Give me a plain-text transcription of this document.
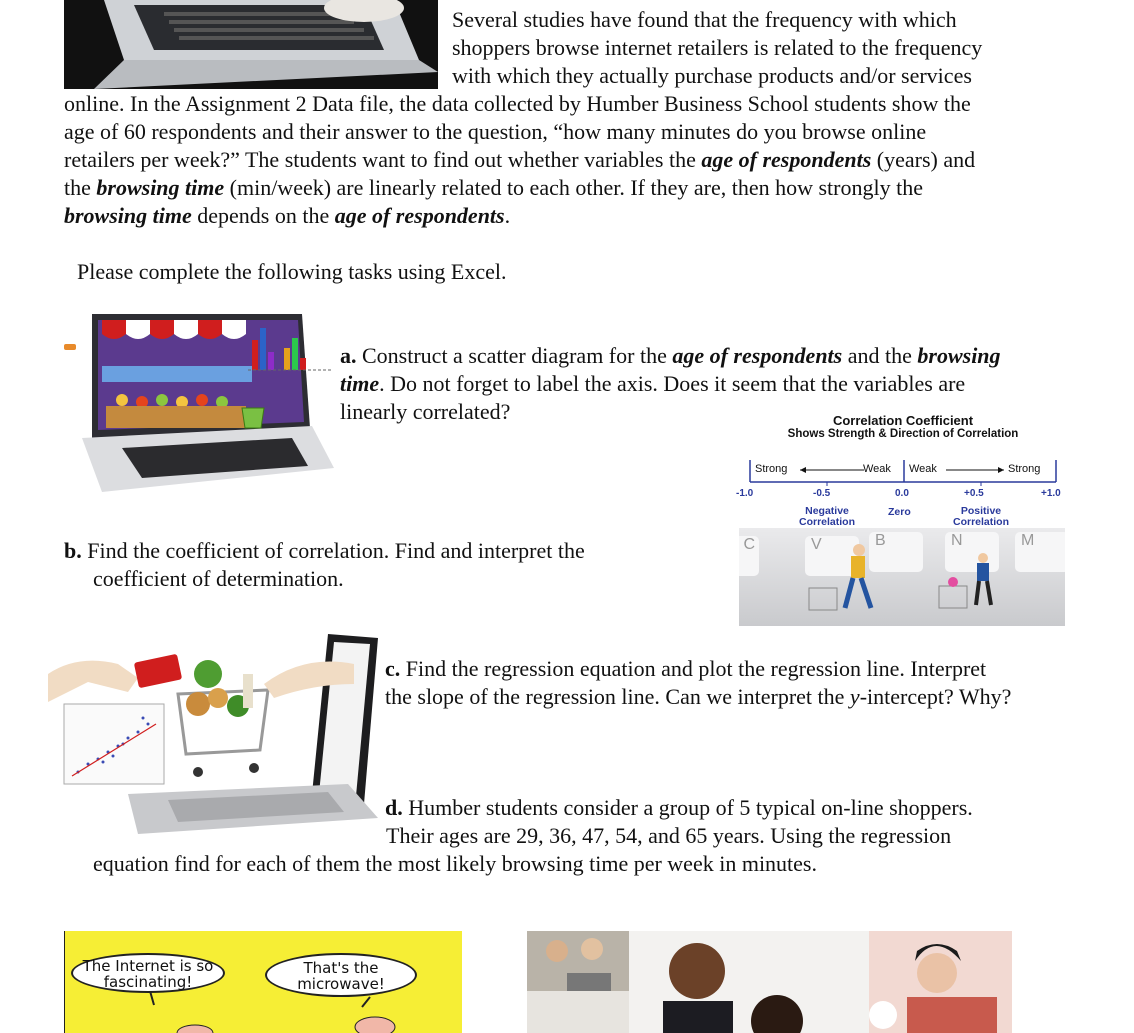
Several studies have found that the frequency with which
shoppers browse internet retailers is related to the frequency
with which they actually purchase products and/or services
online. In the Assignment 2 Data file, the data collected by Humber Business School students show the
age of 60 respondents and their answer to the question, “how many minutes do you browse online
retailers per week?” The students want to find out whether variables the age of respondents (years) and
the browsing time (min/week) are linearly related to each other. If they are, then how strongly the
browsing time depends on the age of respondents.
Please complete the following tasks using Excel.
a. Construct a scatter diagram for the age of respondents and the browsing
time. Do not forget to label the axis. Does it seem that the variables are
linearly correlated?	Correlation Coefficient
Shows Strength & Direction of Correlation
Strong	Weak Weak	Strong
-1.0	-0.5	0.0	+0.5	+1.0
Negative
Correlation
Zero	Positive
Correlation
C	V	B	N	M
b. Find the coefficient of correlation. Find and interpret the
coefficient of determination.
c. Find the regression equation and plot the regression line. Interpret
the slope of the regression line. Can we interpret the y-intercept? Why?
d. Humber students consider a group of 5 typical on-line shoppers.
Their ages are 29, 36, 47, 54, and 65 years. Using the regression
equation find for each of them the most likely browsing time per week in minutes.
The Internet is so fascinating!
That's the microwave!
